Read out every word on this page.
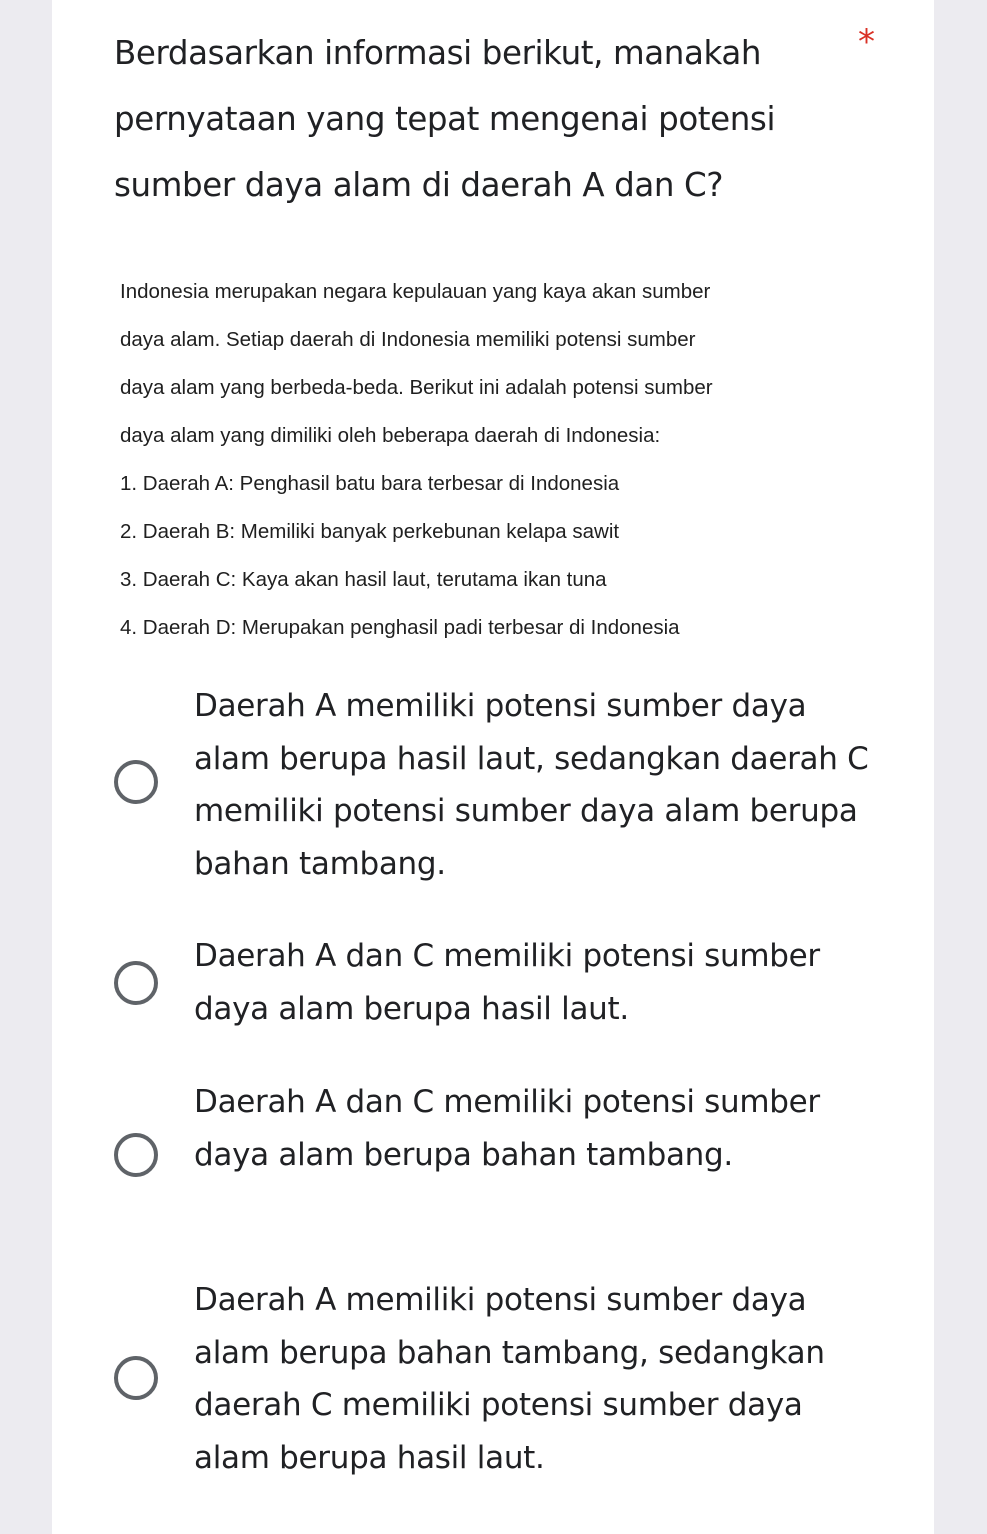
Berdasarkan informasi berikut, manakah pernyataan yang tepat mengenai potensi sumber daya alam di daerah A dan C?
*
Indonesia merupakan negara kepulauan yang kaya akan sumber
daya alam. Setiap daerah di Indonesia memiliki potensi sumber
daya alam yang berbeda-beda. Berikut ini adalah potensi sumber
daya alam yang dimiliki oleh beberapa daerah di Indonesia:
1. Daerah A: Penghasil batu bara terbesar di Indonesia
2. Daerah B: Memiliki banyak perkebunan kelapa sawit
3. Daerah C: Kaya akan hasil laut, terutama ikan tuna
4. Daerah D: Merupakan penghasil padi terbesar di Indonesia
Daerah A memiliki potensi sumber daya alam berupa hasil laut, sedangkan daerah C memiliki potensi sumber daya alam berupa bahan tambang.
Daerah A dan C memiliki potensi sumber daya alam berupa hasil laut.
Daerah A dan C memiliki potensi sumber daya alam berupa bahan tambang.
Daerah A memiliki potensi sumber daya alam berupa bahan tambang, sedangkan daerah C memiliki potensi sumber daya alam berupa hasil laut.
